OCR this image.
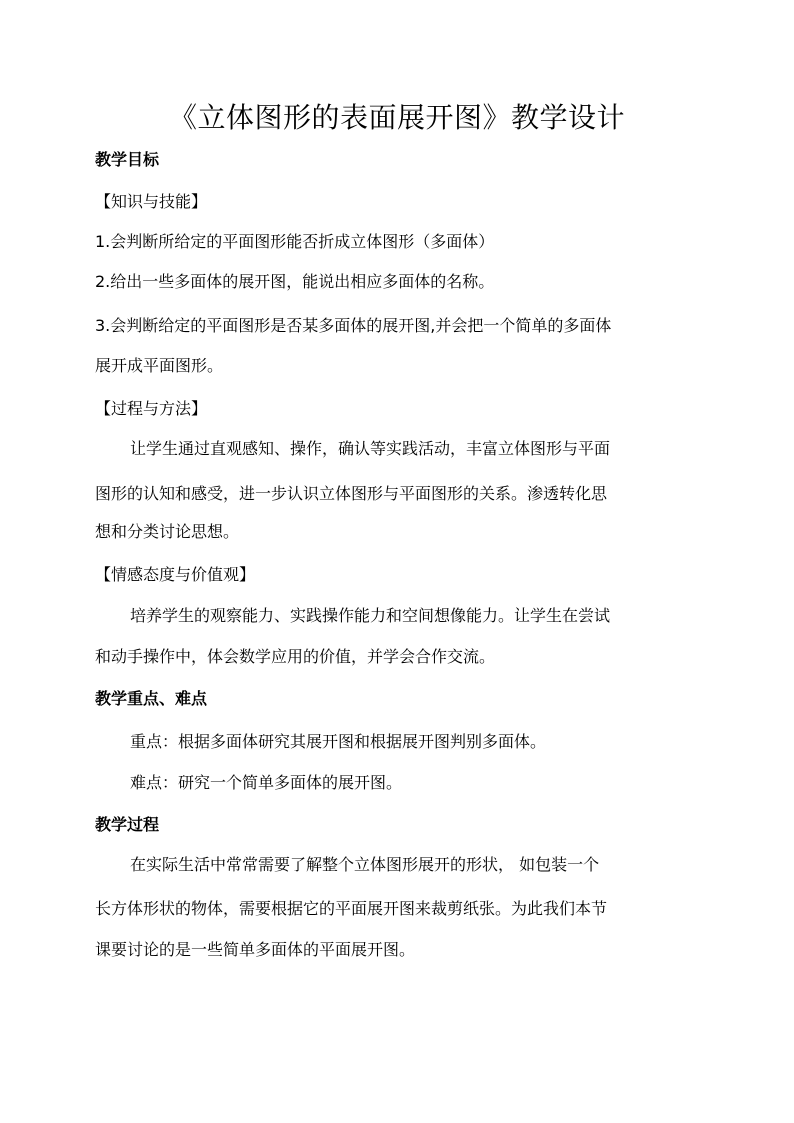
《立体图形的表面展开图》教学设计
教学目标
【知识与技能】
1.会判断所给定的平面图形能否折成立体图形（多面体）
2.给出一些多面体的展开图，能说出相应多面体的名称。
3.会判断给定的平面图形是否某多面体的展开图,并会把一个简单的多面体
展开成平面图形。
【过程与方法】
让学生通过直观感知、操作，确认等实践活动，丰富立体图形与平面
图形的认知和感受，进一步认识立体图形与平面图形的关系。渗透转化思
想和分类讨论思想。
【情感态度与价值观】
培养学生的观察能力、实践操作能力和空间想像能力。让学生在尝试
和动手操作中，体会数学应用的价值，并学会合作交流。
教学重点、难点
重点：根据多面体研究其展开图和根据展开图判别多面体。
难点：研究一个简单多面体的展开图。
教学过程
在实际生活中常常需要了解整个立体图形展开的形状， 如包装一个
长方体形状的物体，需要根据它的平面展开图来裁剪纸张。为此我们本节
课要讨论的是一些简单多面体的平面展开图。
